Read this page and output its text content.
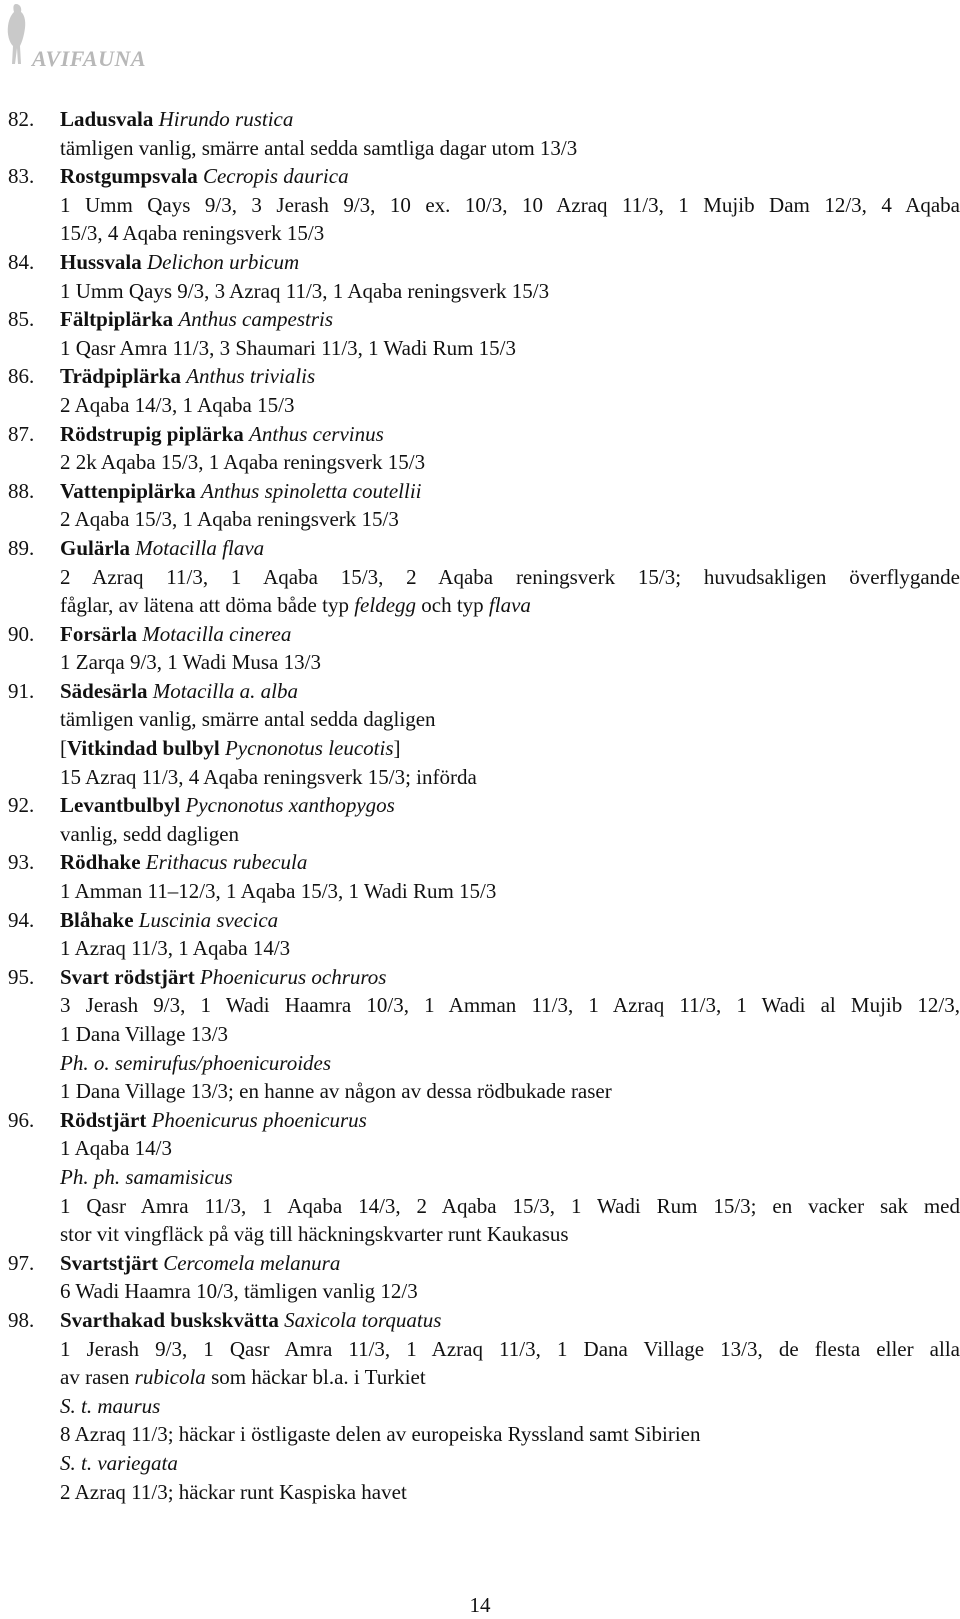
AVIFAUNA
82. Ladusvala Hirundo rustica
tämligen vanlig, smärre antal sedda samtliga dagar utom 13/3
83. Rostgumpsvala Cecropis daurica
1 Umm Qays 9/3, 3 Jerash 9/3, 10 ex. 10/3, 10 Azraq 11/3, 1 Mujib Dam 12/3, 4 Aqaba
15/3, 4 Aqaba reningsverk 15/3
84. Hussvala Delichon urbicum
1 Umm Qays 9/3, 3 Azraq 11/3, 1 Aqaba reningsverk 15/3
85. Fältpiplärka Anthus campestris
1 Qasr Amra 11/3, 3 Shaumari 11/3, 1 Wadi Rum 15/3
86. Trädpiplärka Anthus trivialis
2 Aqaba 14/3, 1 Aqaba 15/3
87. Rödstrupig piplärka Anthus cervinus
2 2k Aqaba 15/3, 1 Aqaba reningsverk 15/3
88. Vattenpiplärka Anthus spinoletta coutellii
2 Aqaba 15/3, 1 Aqaba reningsverk 15/3
89. Gulärla Motacilla flava
2 Azraq 11/3, 1 Aqaba 15/3, 2 Aqaba reningsverk 15/3; huvudsakligen överflygande
fåglar, av lätena att döma både typ feldegg och typ flava
90. Forsärla Motacilla cinerea
1 Zarqa 9/3, 1 Wadi Musa 13/3
91. Sädesärla Motacilla a. alba
tämligen vanlig, smärre antal sedda dagligen
[Vitkindad bulbyl Pycnonotus leucotis]
15 Azraq 11/3, 4 Aqaba reningsverk 15/3; införda
92. Levantbulbyl Pycnonotus xanthopygos
vanlig, sedd dagligen
93. Rödhake Erithacus rubecula
1 Amman 11–12/3, 1 Aqaba 15/3, 1 Wadi Rum 15/3
94. Blåhake Luscinia svecica
1 Azraq 11/3, 1 Aqaba 14/3
95. Svart rödstjärt Phoenicurus ochruros
3 Jerash 9/3, 1 Wadi Haamra 10/3, 1 Amman 11/3, 1 Azraq 11/3, 1 Wadi al Mujib 12/3,
1 Dana Village 13/3
Ph. o. semirufus/phoenicuroides
1 Dana Village 13/3; en hanne av någon av dessa rödbukade raser
96. Rödstjärt Phoenicurus phoenicurus
1 Aqaba 14/3
Ph. ph. samamisicus
1 Qasr Amra 11/3, 1 Aqaba 14/3, 2 Aqaba 15/3, 1 Wadi Rum 15/3; en vacker sak med
stor vit vingfläck på väg till häckningskvarter runt Kaukasus
97. Svartstjärt Cercomela melanura
6 Wadi Haamra 10/3, tämligen vanlig 12/3
98. Svarthakad buskskvätta Saxicola torquatus
1 Jerash 9/3, 1 Qasr Amra 11/3, 1 Azraq 11/3, 1 Dana Village 13/3, de flesta eller alla
av rasen rubicola som häckar bl.a. i Turkiet
S. t. maurus
8 Azraq 11/3; häckar i östligaste delen av europeiska Ryssland samt Sibirien
S. t. variegata
2 Azraq 11/3; häckar runt Kaspiska havet
14
